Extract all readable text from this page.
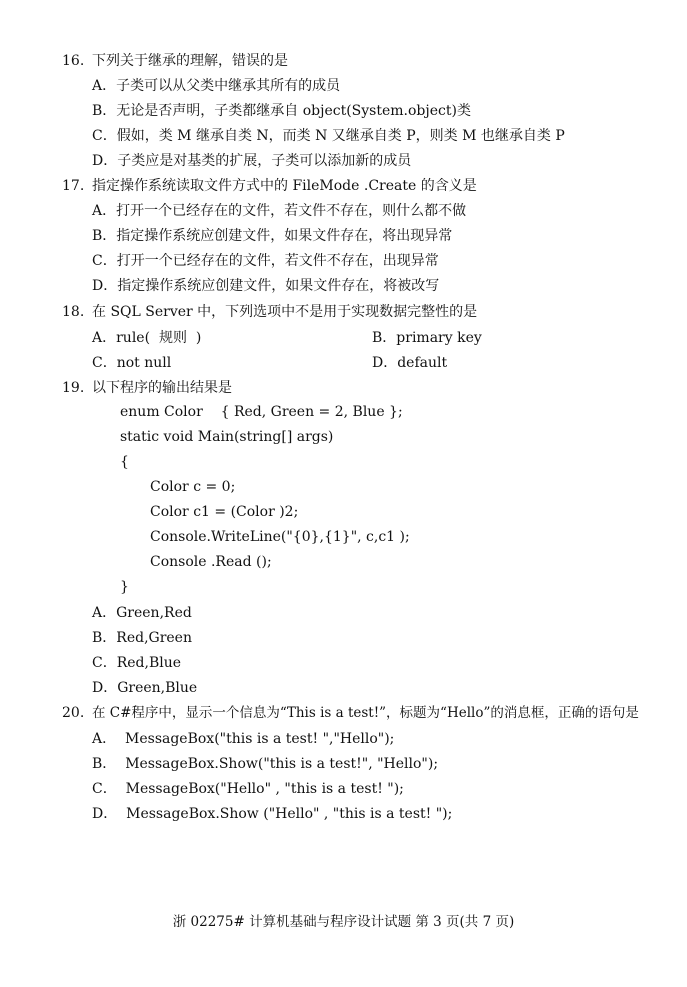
16. 下列关于继承的理解，错误的是
A．子类可以从父类中继承其所有的成员
B．无论是否声明，子类都继承自 object(System.object)类
C．假如，类 M 继承自类 N，而类 N 又继承自类 P，则类 M 也继承自类 P
D．子类应是对基类的扩展，子类可以添加新的成员
17. 指定操作系统读取文件方式中的 FileMode .Create 的含义是
A．打开一个已经存在的文件，若文件不存在，则什么都不做
B．指定操作系统应创建文件，如果文件存在，将出现异常
C．打开一个已经存在的文件，若文件不存在，出现异常
D．指定操作系统应创建文件，如果文件存在，将被改写
18. 在 SQL Server 中，下列选项中不是用于实现数据完整性的是
A．rule(  规则  )	B．primary key
C．not null	D．default
19. 以下程序的输出结果是
enum Color    { Red, Green = 2, Blue };
static void Main(string[] args)
{
Color c = 0;
Color c1 = (Color )2;
Console.WriteLine("{0},{1}", c,c1 );
Console .Read ();
}
A．Green,Red
B．Red,Green
C．Red,Blue
D．Green,Blue
20. 在 C#程序中，显示一个信息为“This is a test!”，标题为“Hello”的消息框，正确的语句是
A．  MessageBox("this is a test! ","Hello");
B．  MessageBox.Show("this is a test!", "Hello");
C．  MessageBox("Hello" , "this is a test! ");
D．  MessageBox.Show ("Hello" , "this is a test! ");
浙 02275# 计算机基础与程序设计试题 第 3 页(共 7 页)
